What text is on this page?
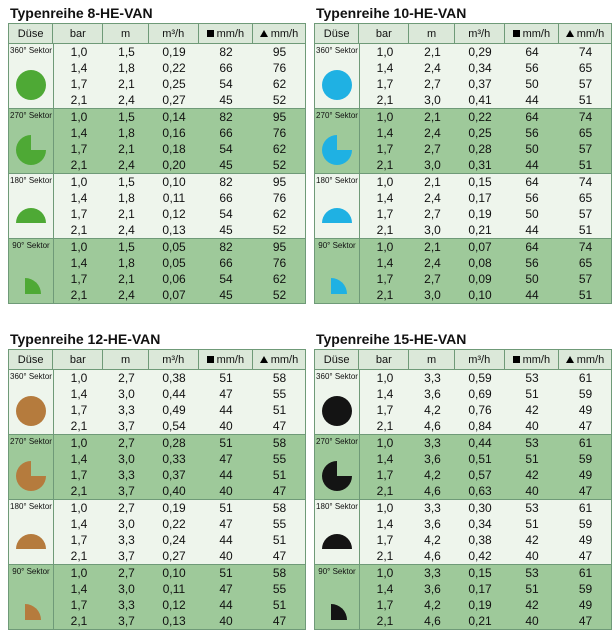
Typenreihe 8-HE-VAN
Düse	bar	m	m³/h	mm/h mm/h
360° Sektor	1,0	1,5	0,19	82	95
1,4	1,8	0,22	66	76
1,7	2,1	0,25	54	62
2,1	2,4	0,27	45	52
270° Sektor	1,0	1,5	0,14	82	95
1,4	1,8	0,16	66	76
1,7	2,1	0,18	54	62
2,1	2,4	0,20	45	52
180° Sektor	1,0	1,5	0,10	82	95
1,4	1,8	0,11	66	76
1,7	2,1	0,12	54	62
2,1	2,4	0,13	45	52
90° Sektor	1,0	1,5	0,05	82	95
1,4	1,8	0,05	66	76
1,7	2,1	0,06	54	62
2,1	2,4	0,07	45	52
Typenreihe 10-HE-VAN
Düse	bar	m	m³/h	mm/h mm/h
360° Sektor	1,0	2,1	0,29	64	74
1,4	2,4	0,34	56	65
1,7	2,7	0,37	50	57
2,1	3,0	0,41	44	51
270° Sektor	1,0	2,1	0,22	64	74
1,4	2,4	0,25	56	65
1,7	2,7	0,28	50	57
2,1	3,0	0,31	44	51
180° Sektor	1,0	2,1	0,15	64	74
1,4	2,4	0,17	56	65
1,7	2,7	0,19	50	57
2,1	3,0	0,21	44	51
90° Sektor	1,0	2,1	0,07	64	74
1,4	2,4	0,08	56	65
1,7	2,7	0,09	50	57
2,1	3,0	0,10	44	51
Typenreihe 12-HE-VAN
Düse	bar	m	m³/h	mm/h mm/h
360° Sektor	1,0	2,7	0,38	51	58
1,4	3,0	0,44	47	55
1,7	3,3	0,49	44	51
2,1	3,7	0,54	40	47
270° Sektor	1,0	2,7	0,28	51	58
1,4	3,0	0,33	47	55
1,7	3,3	0,37	44	51
2,1	3,7	0,40	40	47
180° Sektor	1,0	2,7	0,19	51	58
1,4	3,0	0,22	47	55
1,7	3,3	0,24	44	51
2,1	3,7	0,27	40	47
90° Sektor	1,0	2,7	0,10	51	58
1,4	3,0	0,11	47	55
1,7	3,3	0,12	44	51
2,1	3,7	0,13	40	47
Typenreihe 15-HE-VAN
Düse	bar	m	m³/h	mm/h mm/h
360° Sektor	1,0	3,3	0,59	53	61
1,4	3,6	0,69	51	59
1,7	4,2	0,76	42	49
2,1	4,6	0,84	40	47
270° Sektor	1,0	3,3	0,44	53	61
1,4	3,6	0,51	51	59
1,7	4,2	0,57	42	49
2,1	4,6	0,63	40	47
180° Sektor	1,0	3,3	0,30	53	61
1,4	3,6	0,34	51	59
1,7	4,2	0,38	42	49
2,1	4,6	0,42	40	47
90° Sektor	1,0	3,3	0,15	53	61
1,4	3,6	0,17	51	59
1,7	4,2	0,19	42	49
2,1	4,6	0,21	40	47
